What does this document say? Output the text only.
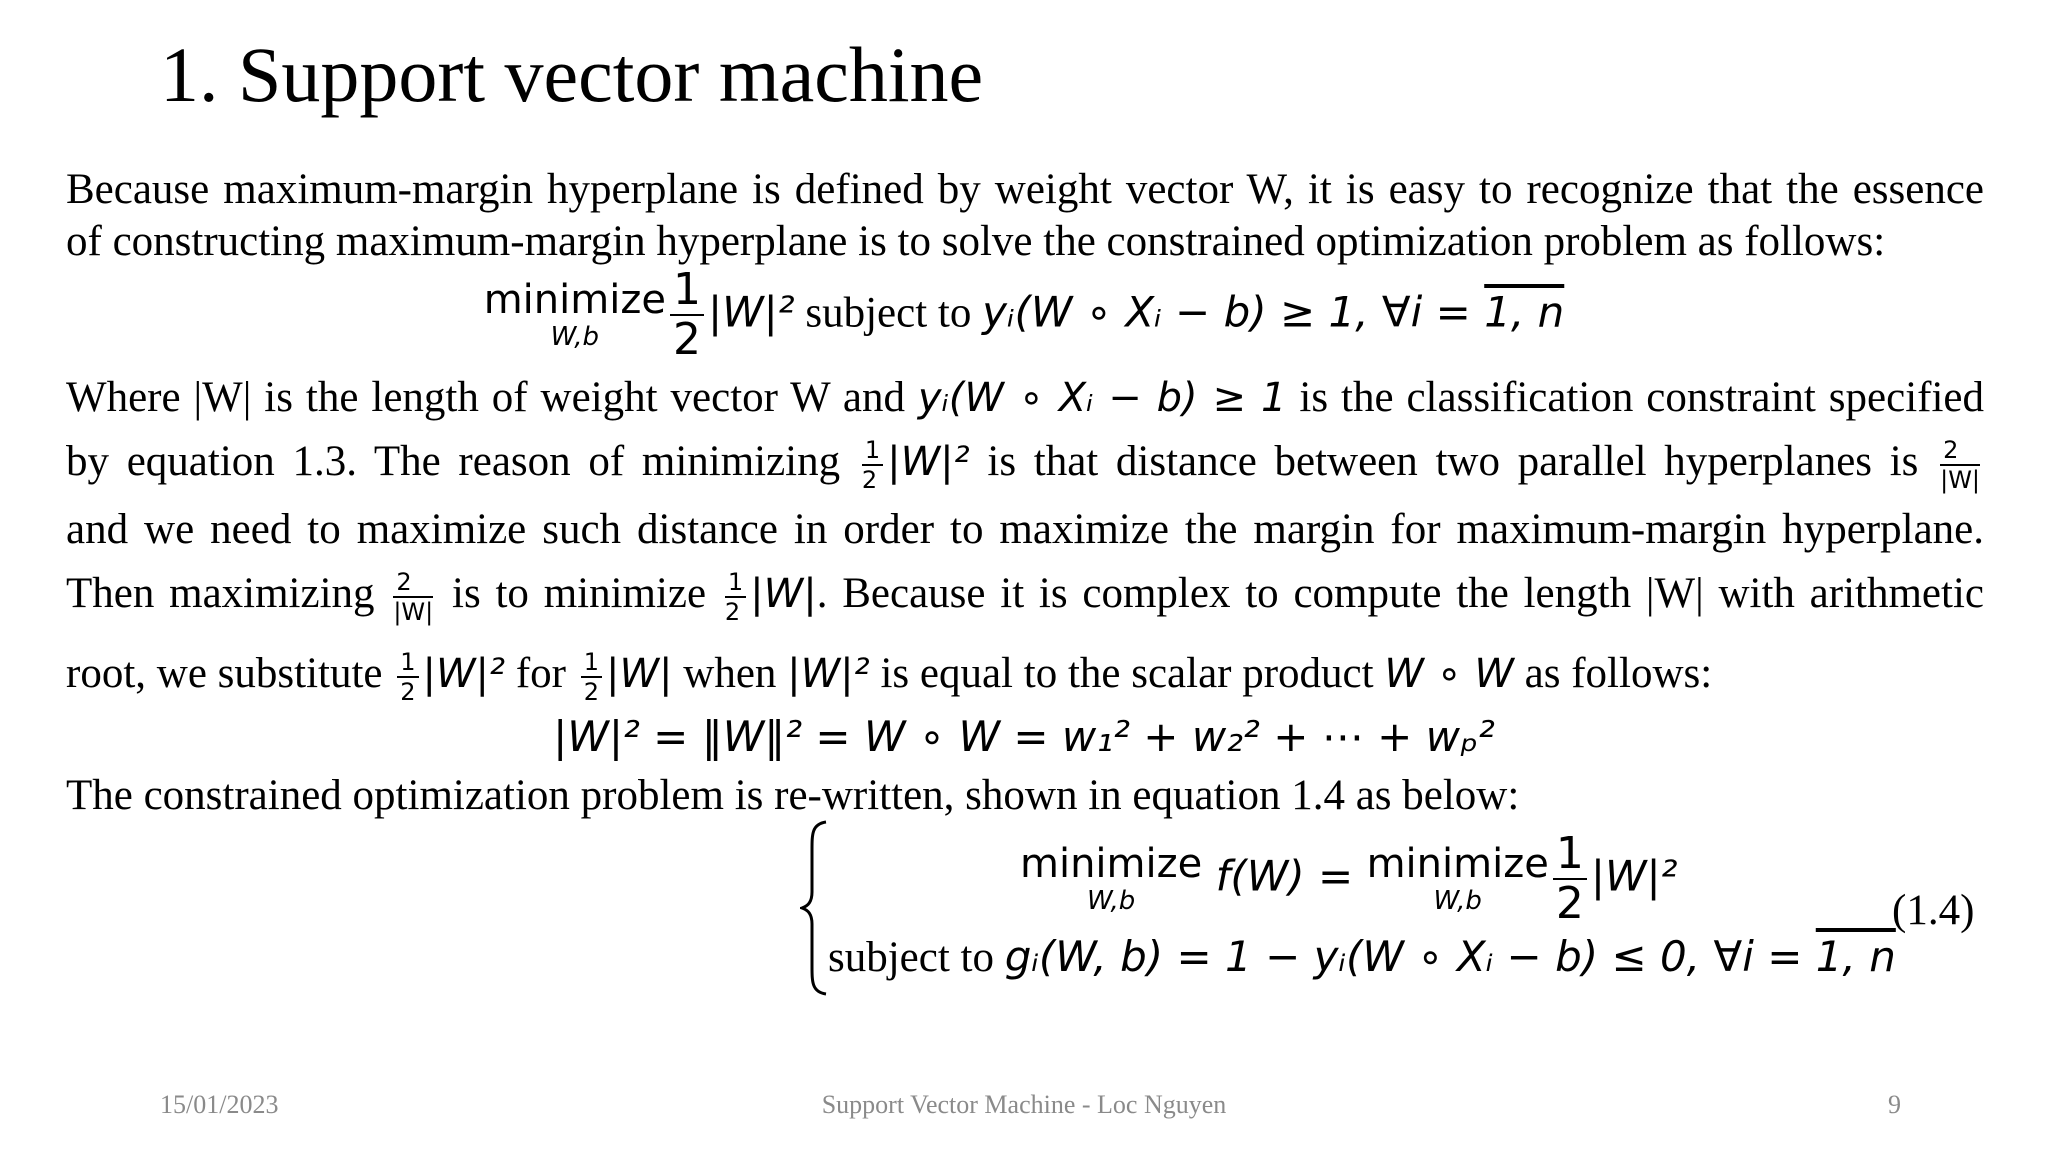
1. Support vector machine
Because maximum-margin hyperplane is defined by weight vector W, it is easy to recognize that the essence
of constructing maximum-margin hyperplane is to solve the constrained optimization problem as follows:
minimize
W,b	$\frac{1}{2} |W|^2$ subject to yᵢ(W ∘ Xᵢ − b) ≥ 1, ∀i = 1, n
Where |W| is the length of weight vector W and yᵢ(W ∘ Xᵢ − b) ≥ 1 is the classification constraint specified
by equation 1.3. The reason of minimizing $\frac{1}{2} |W|^2$ is that distance between two parallel hyperplanes is $\frac{2}{|W|}$
and we need to maximize such distance in order to maximize the margin for maximum-margin hyperplane.
Then maximizing $\frac{2}{|W|}$ is to minimize $\frac{1}{2} |W|$. Because it is complex to compute the length |W| with arithmetic
root, we substitute $\frac{1}{2} |W|^2$ for $\frac{1}{2} |W|$ when |W|² is equal to the scalar product W ∘ W as follows:
|W|² = ‖W‖² = W ∘ W = w₁² + w₂² + ⋯ + wₚ²
The constrained optimization problem is re-written, shown in equation 1.4 as below:
minimize
W,b
f(W) = minimize
W,b	$\frac{1}{2} |W|^2$
subject to gᵢ(W, b) = 1 − yᵢ(W ∘ Xᵢ − b) ≤ 0, ∀i = 1, n
(1.4)
15/01/2023	Support Vector Machine - Loc Nguyen	9
